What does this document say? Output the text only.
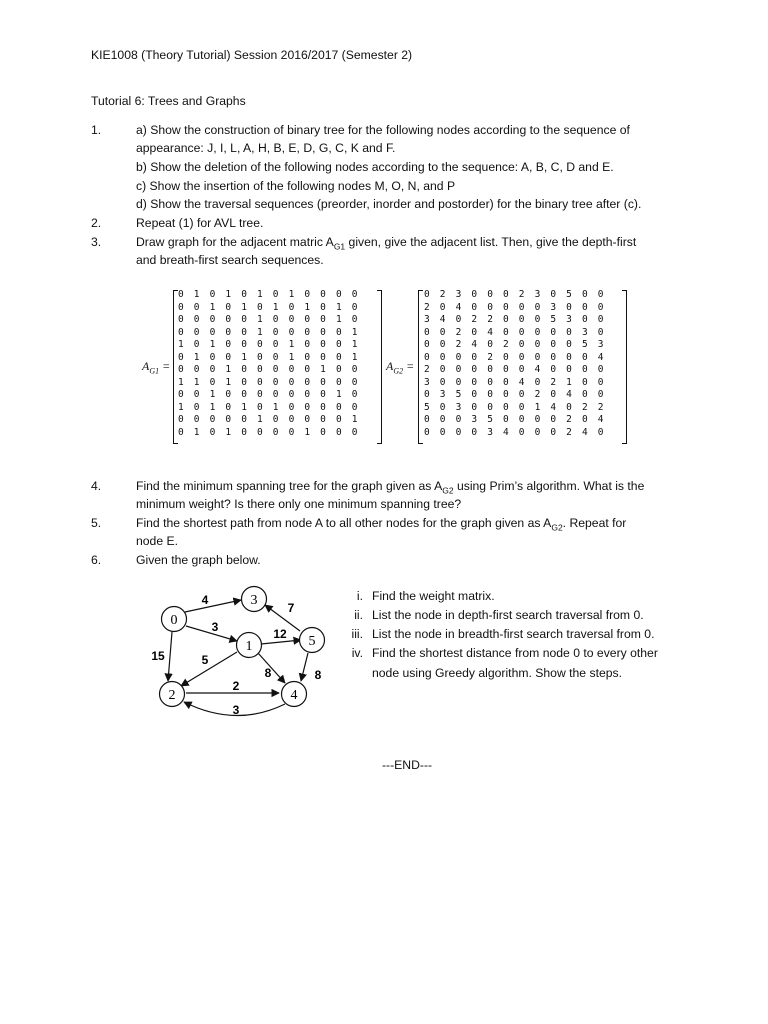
KIE1008 (Theory Tutorial) Session 2016/2017 (Semester 2)
Tutorial 6: Trees and Graphs
1.	a) Show the construction of binary tree for the following nodes according to the sequence of
appearance: J, I, L, A, H, B, E, D, G, C, K and F.
b) Show the deletion of the following nodes according to the sequence: A, B, C, D and E.
c) Show the insertion of the following nodes M, O, N, and P
d) Show the traversal sequences (preorder, inorder and postorder) for the binary tree after (c).
2.	Repeat (1) for AVL tree.
3.	Draw graph for the adjacent matric $A_{G1}$ given, give the adjacent list. Then, give the depth-first
and breath-first search sequences.
$A_{G1}$ =
0	1	0	1	0	1	0	1	0	0	0	0
0	0	1	0	1	0	1	0	1	0	1	0
0	0	0	0	0	1	0	0	0	0	1	0
0	0	0	0	0	1	0	0	0	0	0	1
1	0	1	0	0	0	0	1	0	0	0	1
0	1	0	0	1	0	0	1	0	0	0	1
0	0	0	1	0	0	0	0	0	1	0	0
1	1	0	1	0	0	0	0	0	0	0	0
0	0	1	0	0	0	0	0	0	0	1	0
1	0	1	0	1	0	1	0	0	0	0	0
0	0	0	0	0	1	0	0	0	0	0	1
0	1	0	1	0	0	0	0	1	0	0	0
$A_{G2}$ =
0	2	3	0	0	0	2	3	0	5	0	0
2	0	4	0	0	0	0	0	3	0	0	0
3	4	0	2	2	0	0	0	5	3	0	0
0	0	2	0	4	0	0	0	0	0	3	0
0	0	2	4	0	2	0	0	0	0	5	3
0	0	0	0	2	0	0	0	0	0	0	4
2	0	0	0	0	0	0	4	0	0	0	0
3	0	0	0	0	0	4	0	2	1	0	0
0	3	5	0	0	0	0	2	0	4	0	0
5	0	3	0	0	0	0	1	4	0	2	2
0	0	0	3	5	0	0	0	0	2	0	4
0	0	0	0	3	4	0	0	0	2	4	0
4.	Find the minimum spanning tree for the graph given as $A_{G2}$ using Prim’s algorithm. What is the
minimum weight? Is there only one minimum spanning tree?
5.	Find the shortest path from node A to all other nodes for the graph given as $A_{G2}$. Repeat for
node E.
6.	Given the graph below.
0
3
1	5
2	4
4
7
3	12
15	5
8	8
2
3
i. Find the weight matrix.
ii. List the node in depth-first search traversal from 0.
iii. List the node in breadth-first search traversal from 0.
iv. Find the shortest distance from node 0 to every other
node using Greedy algorithm. Show the steps.
---END---
